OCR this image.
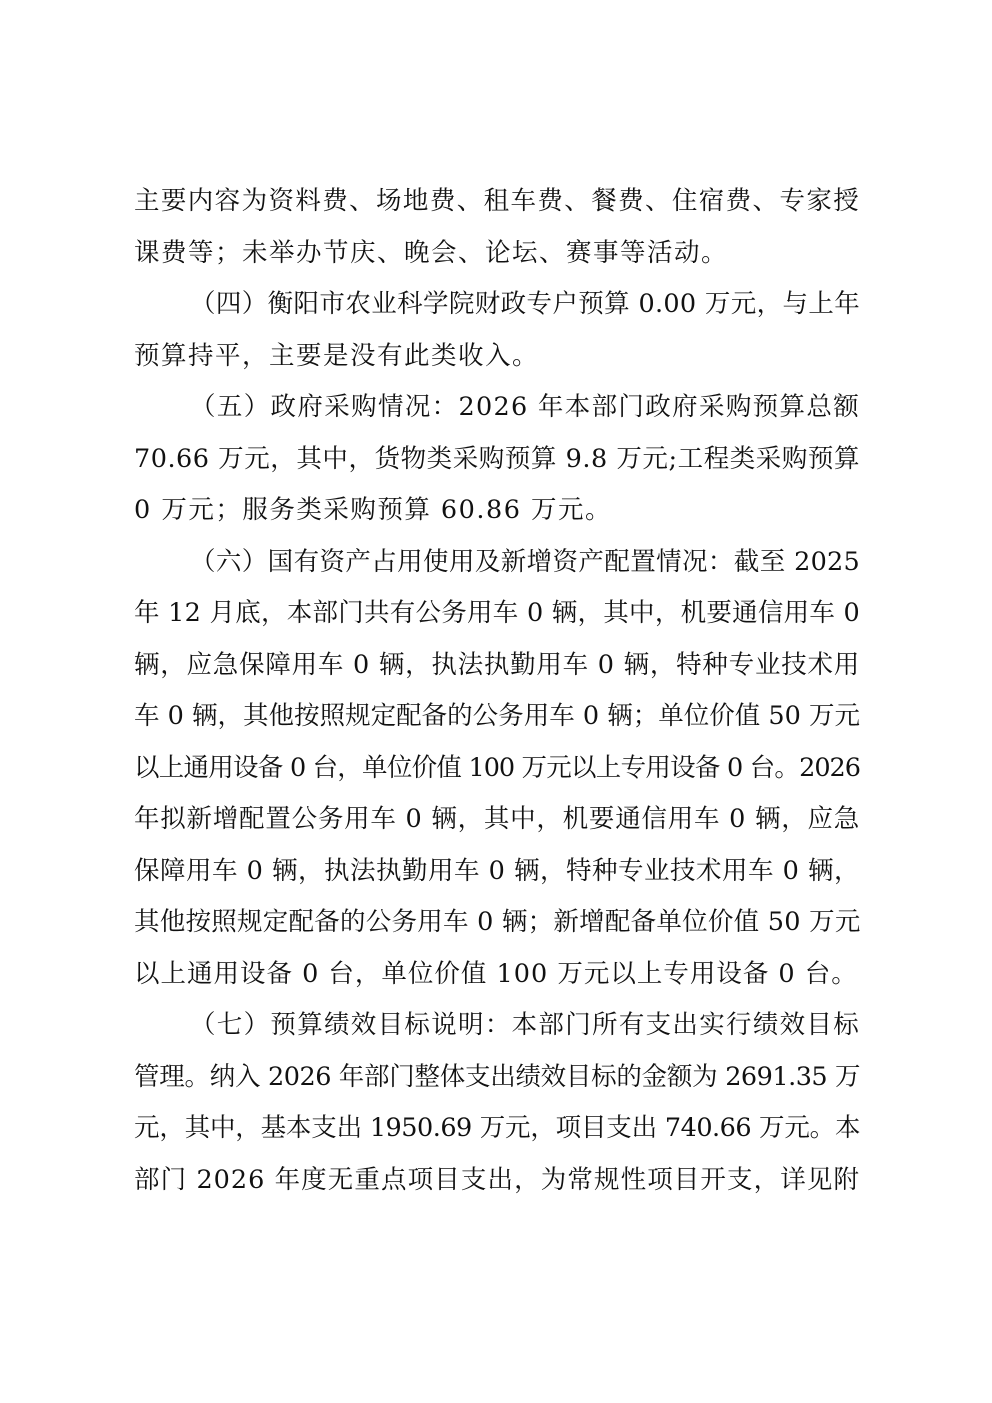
主要内容为资料费、场地费、租车费、餐费、住宿费、专家授
课费等；未举办节庆、晚会、论坛、赛事等活动。
（四）衡阳市农业科学院财政专户预算 0.00 万元，与上年
预算持平，主要是没有此类收入。
（五）政府采购情况：2026 年本部门政府采购预算总额
70.66 万元，其中，货物类采购预算 9.8 万元;工程类采购预算
0 万元；服务类采购预算 60.86 万元。
（六）国有资产占用使用及新增资产配置情况：截至 2025
年 12 月底，本部门共有公务用车 0 辆，其中，机要通信用车 0
辆，应急保障用车 0 辆，执法执勤用车 0 辆，特种专业技术用
车 0 辆，其他按照规定配备的公务用车 0 辆；单位价值 50 万元
以上通用设备 0 台，单位价值 100 万元以上专用设备 0 台。2026
年拟新增配置公务用车 0 辆，其中，机要通信用车 0 辆，应急
保障用车 0 辆，执法执勤用车 0 辆，特种专业技术用车 0 辆，
其他按照规定配备的公务用车 0 辆；新增配备单位价值 50 万元
以上通用设备 0 台，单位价值 100 万元以上专用设备 0 台。
（七）预算绩效目标说明：本部门所有支出实行绩效目标
管理。纳入 2026 年部门整体支出绩效目标的金额为 2691.35 万
元，其中，基本支出 1950.69 万元，项目支出 740.66 万元。本
部门 2026 年度无重点项目支出，为常规性项目开支，详见附
